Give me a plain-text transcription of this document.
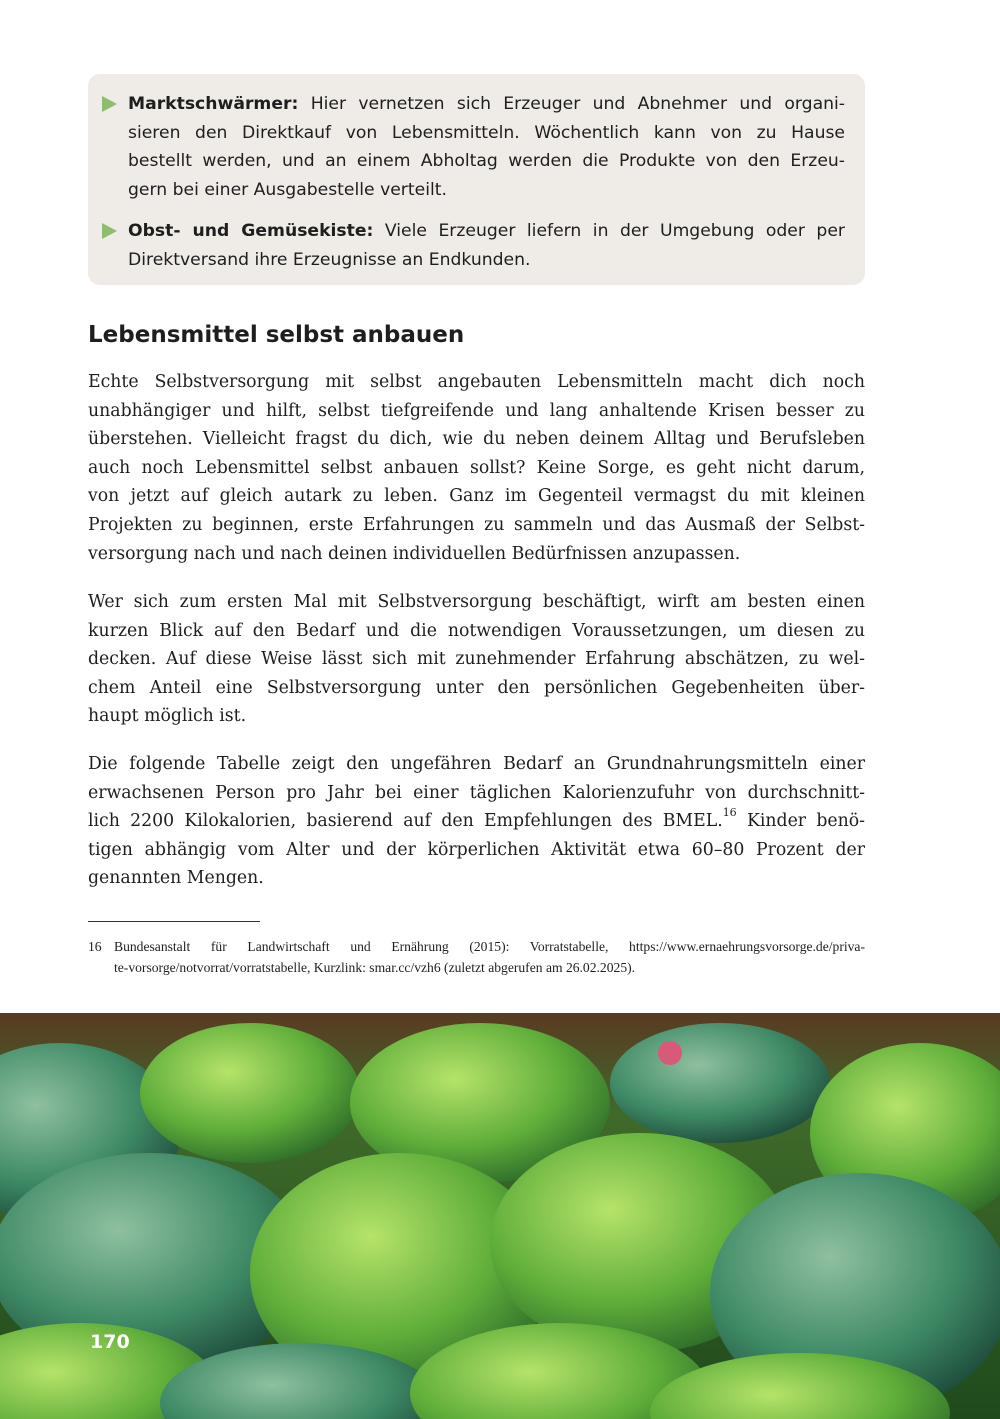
Marktschwärmer: Hier vernetzen sich Erzeuger und Abnehmer und organi-
sieren den Direktkauf von Lebensmitteln. Wöchentlich kann von zu Hause
bestellt werden, und an einem Abholtag werden die Produkte von den Erzeu-
gern bei einer Ausgabestelle verteilt.
Obst- und Gemüsekiste: Viele Erzeuger liefern in der Umgebung oder per
Direktversand ihre Erzeugnisse an Endkunden.
Lebensmittel selbst anbauen
Echte Selbstversorgung mit selbst angebauten Lebensmitteln macht dich noch
unabhängiger und hilft, selbst tiefgreifende und lang anhaltende Krisen besser zu
überstehen. Vielleicht fragst du dich, wie du neben deinem Alltag und Berufsleben
auch noch Lebensmittel selbst anbauen sollst? Keine Sorge, es geht nicht darum,
von jetzt auf gleich autark zu leben. Ganz im Gegenteil vermagst du mit kleinen
Projekten zu beginnen, erste Erfahrungen zu sammeln und das Ausmaß der Selbst-
versorgung nach und nach deinen individuellen Bedürfnissen anzupassen.
Wer sich zum ersten Mal mit Selbstversorgung beschäftigt, wirft am besten einen
kurzen Blick auf den Bedarf und die notwendigen Voraussetzungen, um diesen zu
decken. Auf diese Weise lässt sich mit zunehmender Erfahrung abschätzen, zu wel-
chem Anteil eine Selbstversorgung unter den persönlichen Gegebenheiten über-
haupt möglich ist.
Die folgende Tabelle zeigt den ungefähren Bedarf an Grundnahrungsmitteln einer
erwachsenen Person pro Jahr bei einer täglichen Kalorienzufuhr von durchschnitt-
lich 2200 Kilokalorien, basierend auf den Empfehlungen des BMEL.$^{16}$ Kinder benö-
tigen abhängig vom Alter und der körperlichen Aktivität etwa 60–80 Prozent der
genannten Mengen.
16 Bundesanstalt für Landwirtschaft und Ernährung (2015): Vorratstabelle, https://www.ernaehrungsvorsorge.de/priva-
te-vorsorge/notvorrat/vorratstabelle, Kurzlink: smar.cc/vzh6 (zuletzt abgerufen am 26.02.2025).
170
